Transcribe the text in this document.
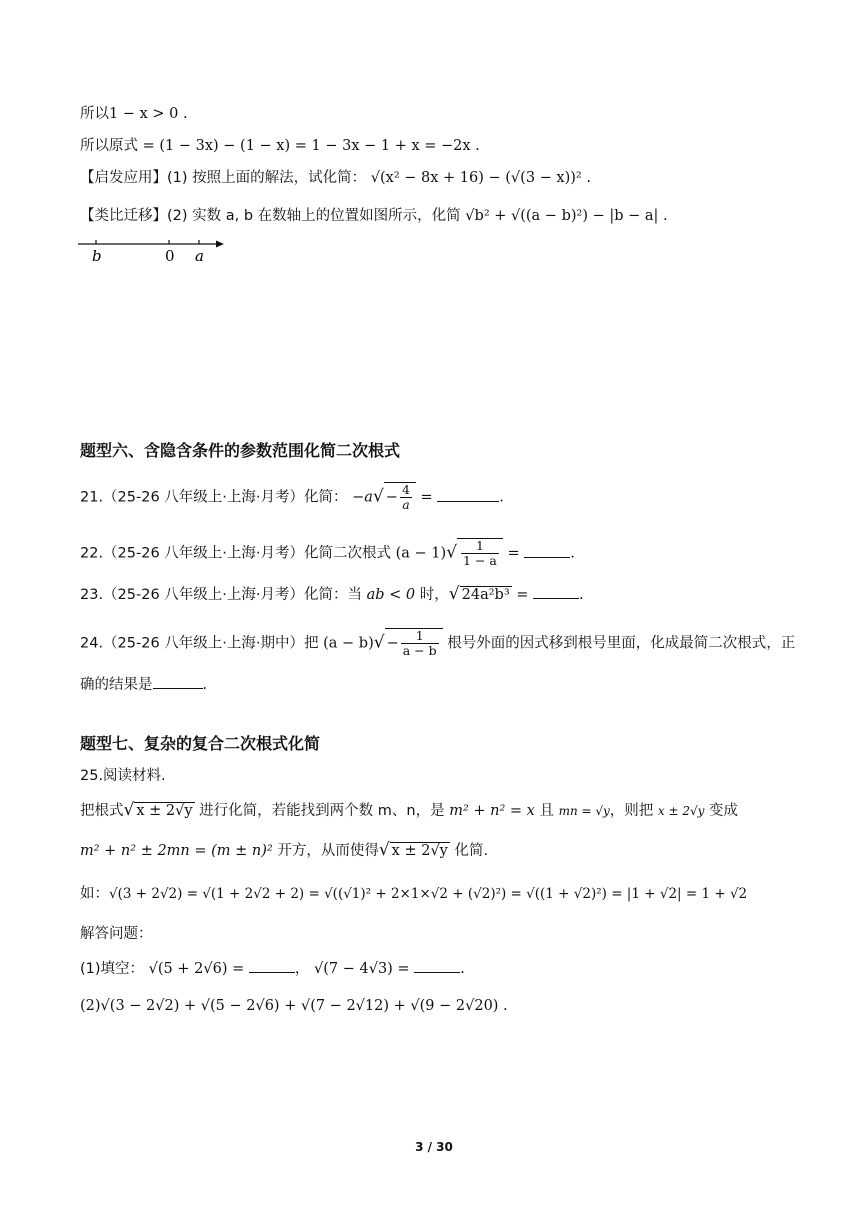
所以1 − x > 0 .
所以原式 = (1 − 3x) − (1 − x) = 1 − 3x − 1 + x = −2x .
【启发应用】(1) 按照上面的解法，试化简： √(x² − 8x + 16) − (√(3 − x))² .
【类比迁移】(2) 实数 a, b 在数轴上的位置如图所示，化简 √b² + √((a − b)²) − |b − a| .
b	0 a
题型六、含隐含条件的参数范围化简二次根式
21.（25-26 八年级上·上海·月考）化简： $-a√ - \frac{4}{a}$ =	.
22.（25-26 八年级上·上海·月考）化简二次根式 $(a - 1)√ \frac{1}{1 - a}$ =	.
23.（25-26 八年级上·上海·月考）化简：当 ab < 0 时，√ 24a²b³ =	.
24.（25-26 八年级上·上海·期中）把 $(a - b)√ - \frac{1}{a - b}$ 根号外面的因式移到根号里面，化成最简二次根式，正
确的结果是	.
题型七、复杂的复合二次根式化简
25.阅读材料.
把根式√ x ± 2√y 进行化简，若能找到两个数 m、n，是 m² + n² = x 且 mn = √y，则把 x ± 2√y 变成
m² + n² ± 2mn = (m ± n)² 开方，从而使得√ x ± 2√y 化简.
如：√(3 + 2√2) = √(1 + 2√2 + 2) = √((√1)² + 2×1×√2 + (√2)²) = √((1 + √2)²) = |1 + √2| = 1 + √2
解答问题：
(1)填空： √(5 + 2√6) =	， √(7 − 4√3) =	.
(2)√(3 − 2√2) + √(5 − 2√6) + √(7 − 2√12) + √(9 − 2√20) .
3 / 30
